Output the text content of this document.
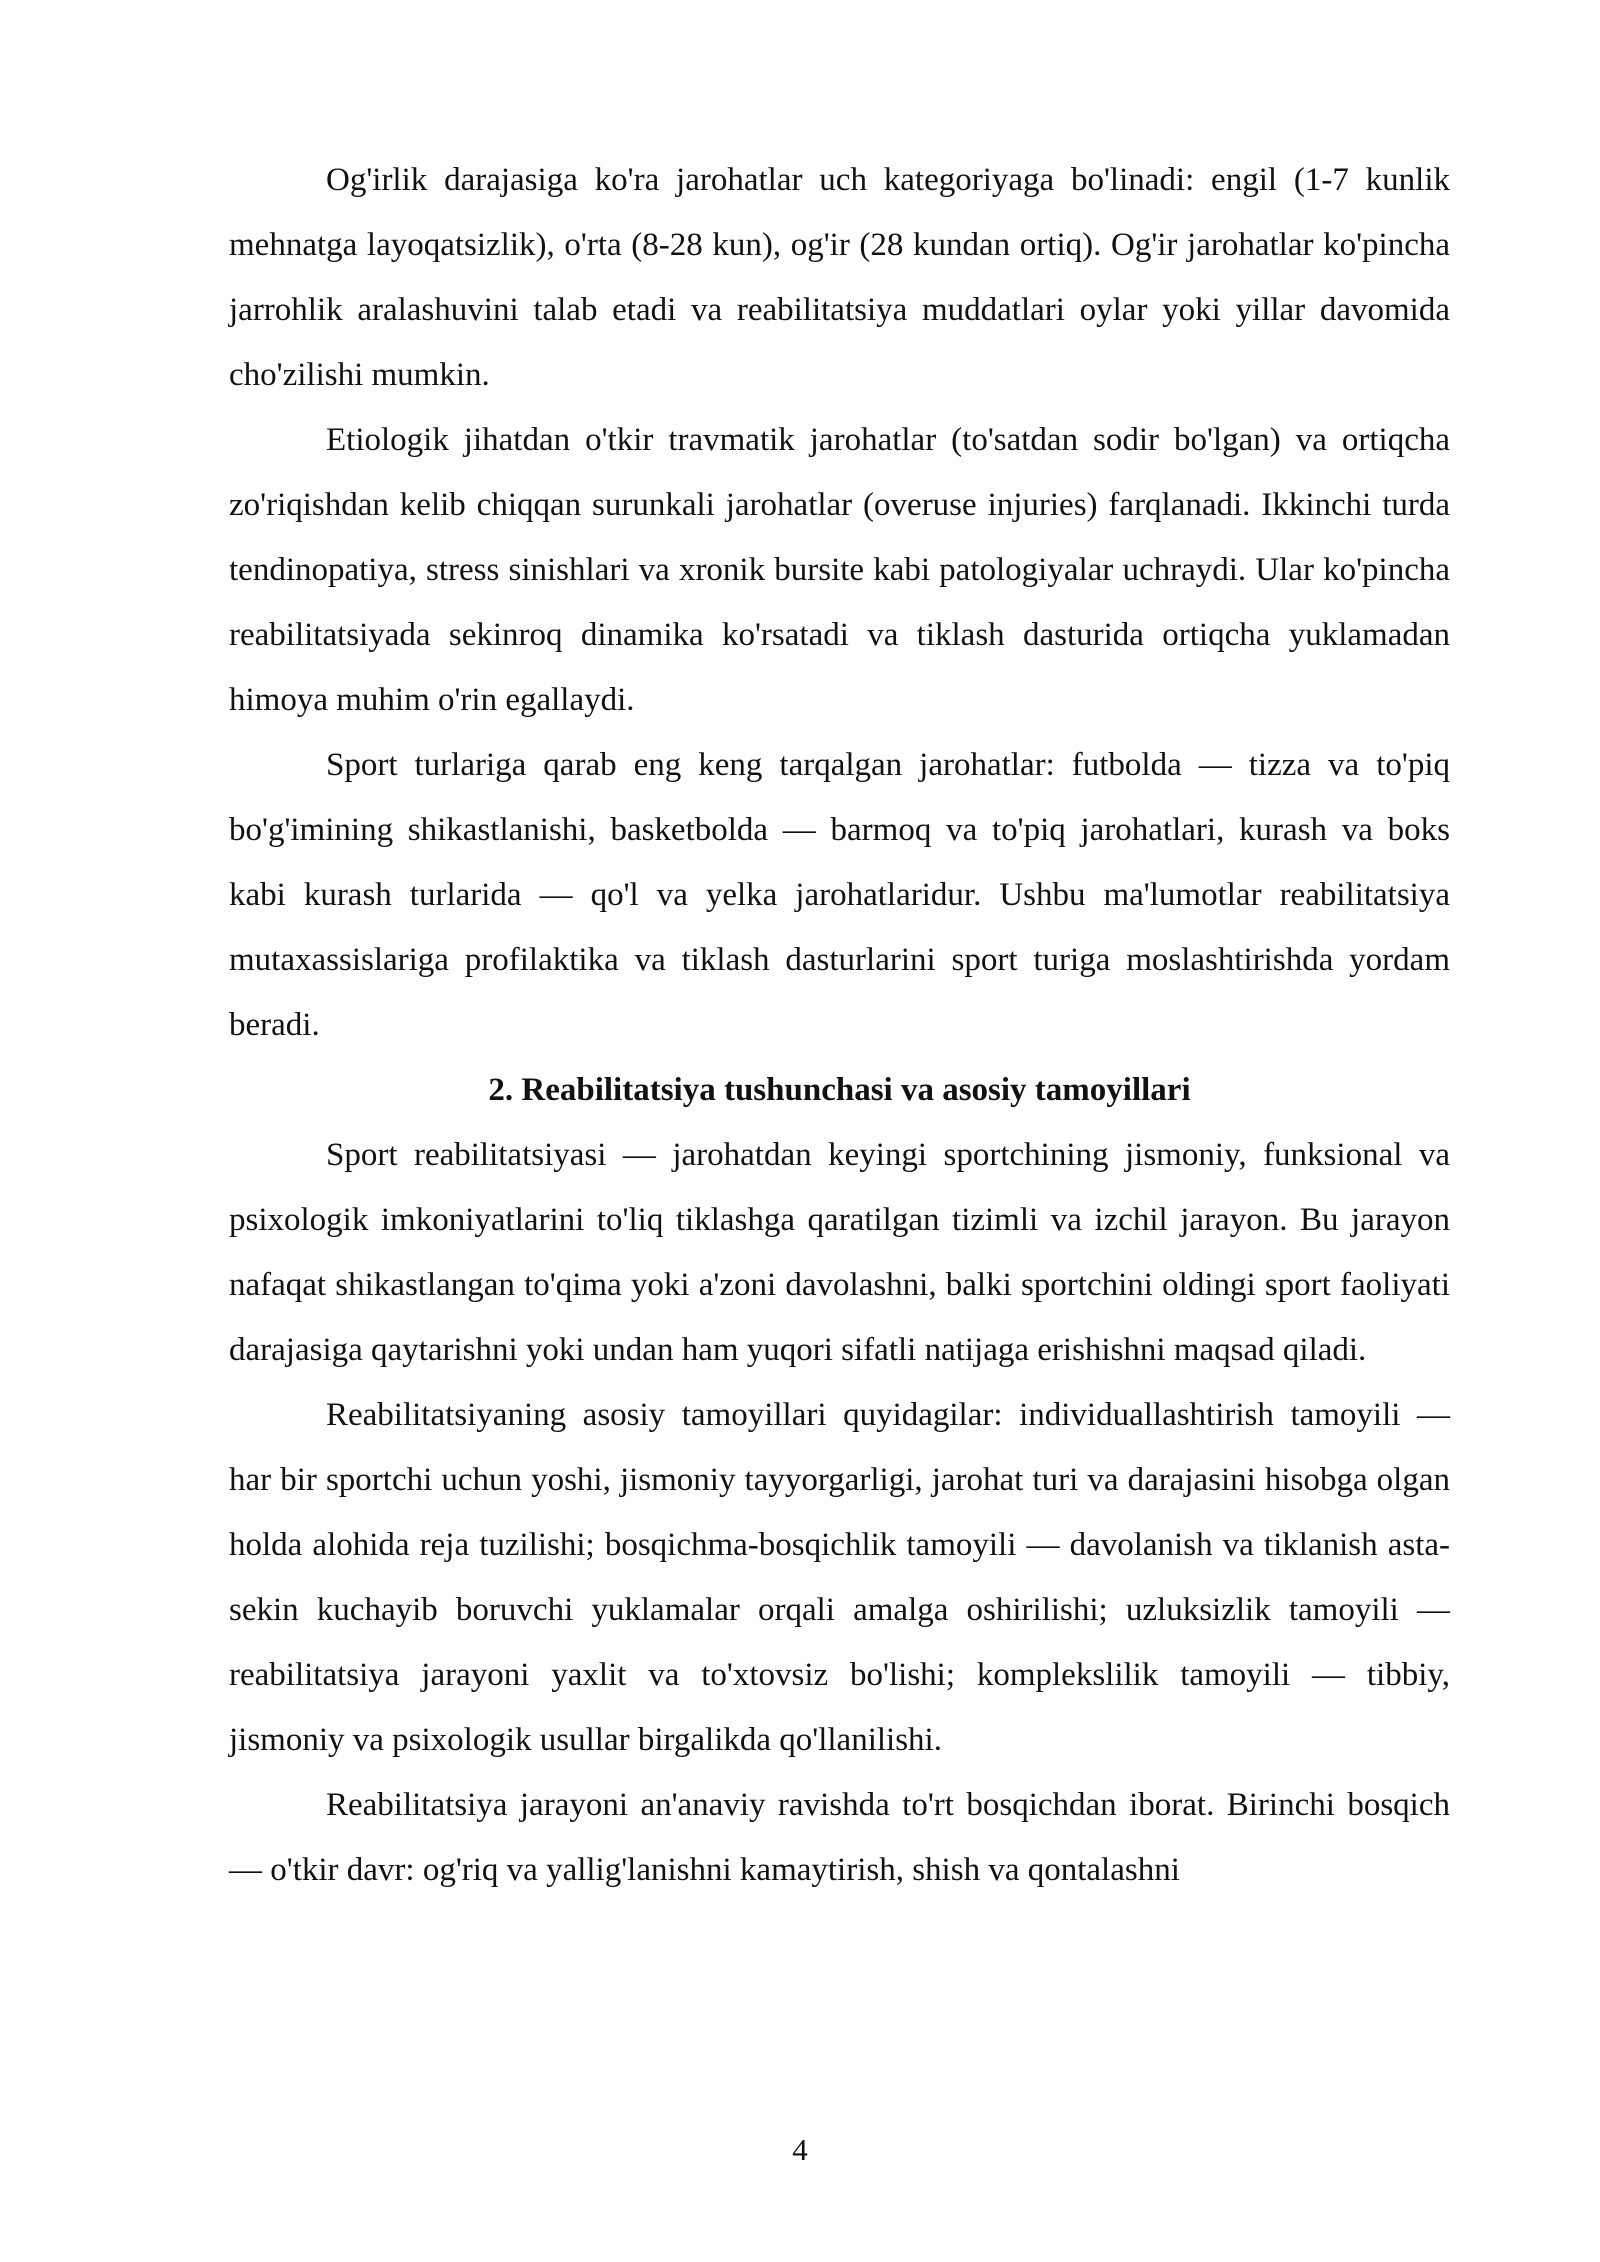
Og'irlik darajasiga ko'ra jarohatlar uch kategoriyaga bo'linadi: engil (1-7 kunlik mehnatga layoqatsizlik), o'rta (8-28 kun), og'ir (28 kundan ortiq). Og'ir jarohatlar ko'pincha jarrohlik aralashuvini talab etadi va reabilitatsiya muddatlari oylar yoki yillar davomida cho'zilishi mumkin.

Etiologik jihatdan o'tkir travmatik jarohatlar (to'satdan sodir bo'lgan) va ortiqcha zo'riqishdan kelib chiqqan surunkali jarohatlar (overuse injuries) farqlanadi. Ikkinchi turda tendinopatiya, stress sinishlari va xronik bursite kabi patologiyalar uchraydi. Ular ko'pincha reabilitatsiyada sekinroq dinamika ko'rsatadi va tiklash dasturida ortiqcha yuklamadan himoya muhim o'rin egallaydi.

Sport turlariga qarab eng keng tarqalgan jarohatlar: futbolda — tizza va to'piq bo'g'imining shikastlanishi, basketbolda — barmoq va to'piq jarohatlari, kurash va boks kabi kurash turlarida — qo'l va yelka jarohatlaridur. Ushbu ma'lumotlar reabilitatsiya mutaxassislariga profilaktika va tiklash dasturlarini sport turiga moslashtirishda yordam beradi.

2. Reabilitatsiya tushunchasi va asosiy tamoyillari

Sport reabilitatsiyasi — jarohatdan keyingi sportchining jismoniy, funksional va psixologik imkoniyatlarini to'liq tiklashga qaratilgan tizimli va izchil jarayon. Bu jarayon nafaqat shikastlangan to'qima yoki a'zoni davolashni, balki sportchini oldingi sport faoliyati darajasiga qaytarishni yoki undan ham yuqori sifatli natijaga erishishni maqsad qiladi.

Reabilitatsiyaning asosiy tamoyillari quyidagilar: individuallashtirish tamoyili — har bir sportchi uchun yoshi, jismoniy tayyorgarligi, jarohat turi va darajasini hisobga olgan holda alohida reja tuzilishi; bosqichma-bosqichlik tamoyili — davolanish va tiklanish asta-sekin kuchayib boruvchi yuklamalar orqali amalga oshirilishi; uzluksizlik tamoyili — reabilitatsiya jarayoni yaxlit va to'xtovsiz bo'lishi; komplekslilik tamoyili — tibbiy, jismoniy va psixologik usullar birgalikda qo'llanilishi.

Reabilitatsiya jarayoni an'anaviy ravishda to'rt bosqichdan iborat. Birinchi bosqich — o'tkir davr: og'riq va yallig'lanishni kamaytirish, shish va qontalashni

4
